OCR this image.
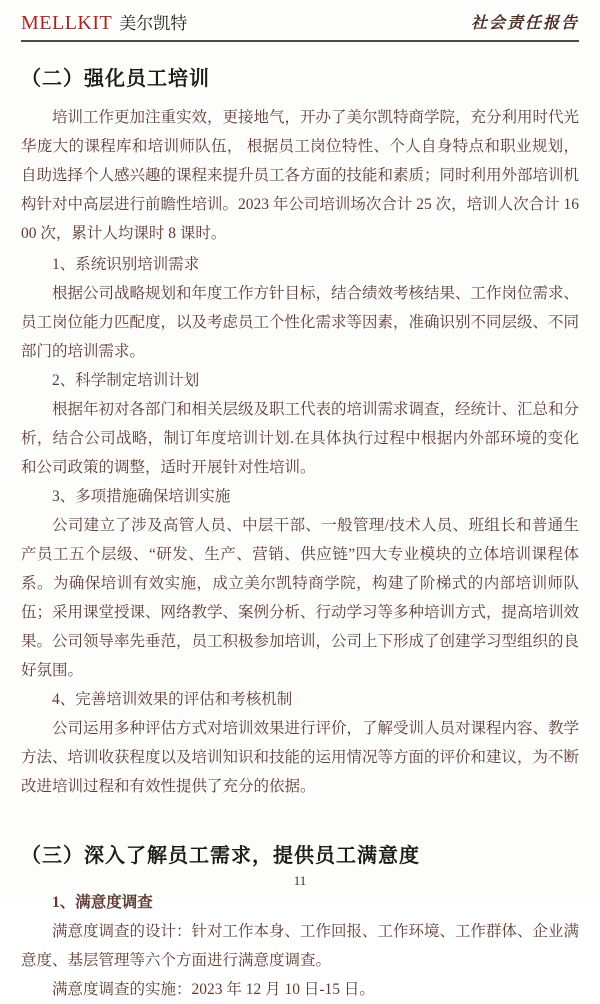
MELLKIT 美尔凯特	社会责任报告
（二）强化员工培训

培训工作更加注重实效，更接地气，开办了美尔凯特商学院，充分利用时代光华庞大的课程库和培训师队伍， 根据员工岗位特性、个人自身特点和职业规划，自助选择个人感兴趣的课程来提升员工各方面的技能和素质；同时利用外部培训机构针对中高层进行前瞻性培训。2023 年公司培训场次合计 25 次，培训人次合计 1600 次，累计人均课时 8 课时。

1、系统识别培训需求

根据公司战略规划和年度工作方针目标，结合绩效考核结果、工作岗位需求、员工岗位能力匹配度，以及考虑员工个性化需求等因素，准确识别不同层级、不同部门的培训需求。

2、科学制定培训计划

根据年初对各部门和相关层级及职工代表的培训需求调查，经统计、汇总和分析，结合公司战略，制订年度培训计划.在具体执行过程中根据内外部环境的变化和公司政策的调整，适时开展针对性培训。

3、多项措施确保培训实施

公司建立了涉及高管人员、中层干部、一般管理/技术人员、班组长和普通生产员工五个层级、“研发、生产、营销、供应链”四大专业模块的立体培训课程体系。为确保培训有效实施，成立美尔凯特商学院，构建了阶梯式的内部培训师队伍；采用课堂授课、网络教学、案例分析、行动学习等多种培训方式，提高培训效果。公司领导率先垂范，员工积极参加培训，公司上下形成了创建学习型组织的良好氛围。

4、完善培训效果的评估和考核机制

公司运用多种评估方式对培训效果进行评价，了解受训人员对课程内容、教学方法、培训收获程度以及培训知识和技能的运用情况等方面的评价和建议，为不断改进培训过程和有效性提供了充分的依据。

（三）深入了解员工需求，提供员工满意度

1、满意度调查

满意度调查的设计：针对工作本身、工作回报、工作环境、工作群体、企业满意度、基层管理等六个方面进行满意度调查。

满意度调查的实施：2023 年 12 月 10 日-15 日。

11
